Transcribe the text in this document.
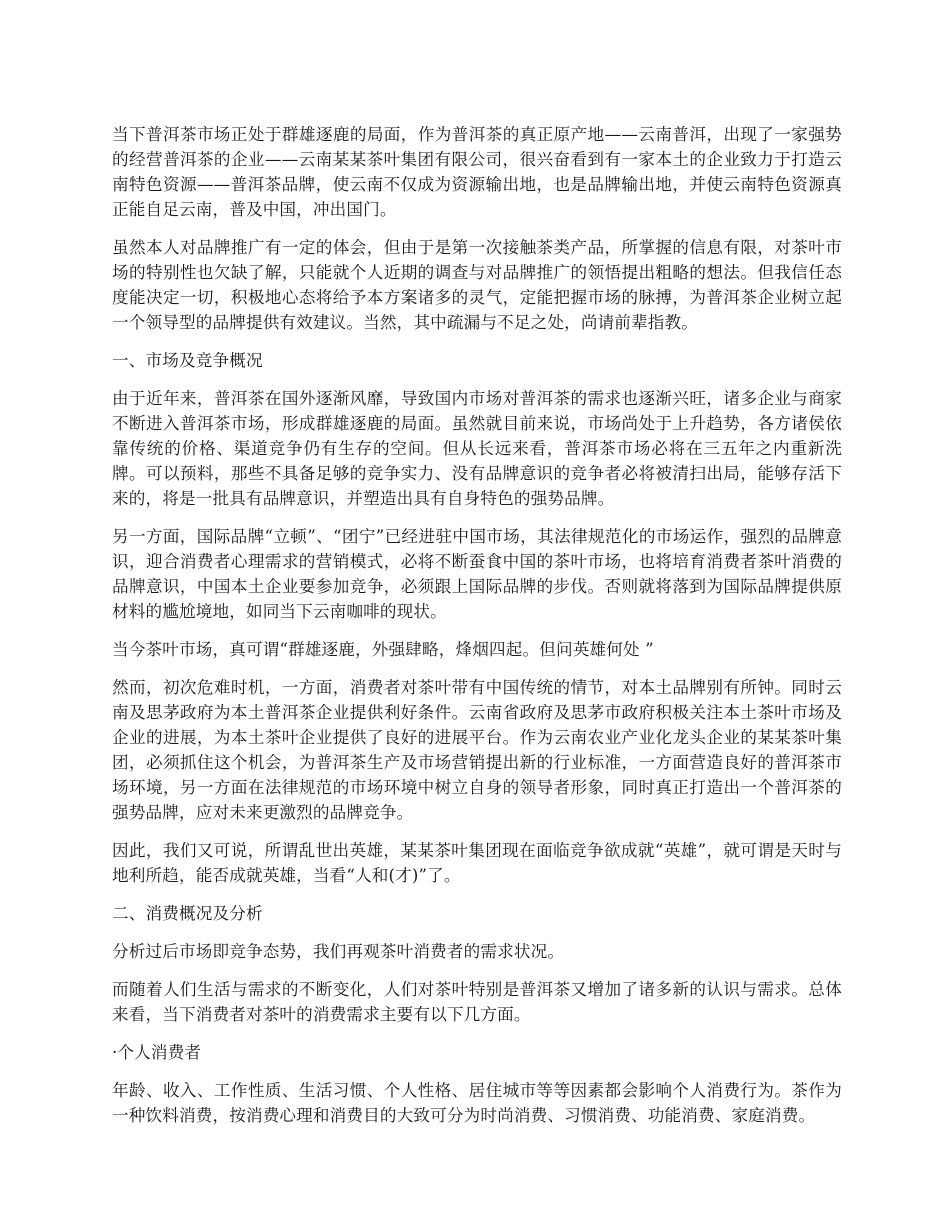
当下普洱茶市场正处于群雄逐鹿的局面，作为普洱茶的真正原产地——云南普洱，出现了一家强势的经营普洱茶的企业——云南某某茶叶集团有限公司，很兴奋看到有一家本土的企业致力于打造云南特色资源——普洱茶品牌，使云南不仅成为资源输出地，也是品牌输出地，并使云南特色资源真正能自足云南，普及中国，冲出国门。

虽然本人对品牌推广有一定的体会，但由于是第一次接触茶类产品，所掌握的信息有限，对茶叶市场的特别性也欠缺了解，只能就个人近期的调查与对品牌推广的领悟提出粗略的想法。但我信任态度能决定一切，积极地心态将给予本方案诸多的灵气，定能把握市场的脉搏，为普洱茶企业树立起一个领导型的品牌提供有效建议。当然，其中疏漏与不足之处，尚请前辈指教。

一、市场及竞争概况

由于近年来，普洱茶在国外逐渐风靡，导致国内市场对普洱茶的需求也逐渐兴旺，诸多企业与商家不断进入普洱茶市场，形成群雄逐鹿的局面。虽然就目前来说，市场尚处于上升趋势，各方诸侯依靠传统的价格、渠道竞争仍有生存的空间。但从长远来看，普洱茶市场必将在三五年之内重新洗牌。可以预料，那些不具备足够的竞争实力、没有品牌意识的竞争者必将被清扫出局，能够存活下来的，将是一批具有品牌意识，并塑造出具有自身特色的强势品牌。

另一方面，国际品牌“立顿”、“团宁”已经进驻中国市场，其法律规范化的市场运作，强烈的品牌意识，迎合消费者心理需求的营销模式，必将不断蚕食中国的茶叶市场，也将培育消费者茶叶消费的品牌意识，中国本土企业要参加竞争，必须跟上国际品牌的步伐。否则就将落到为国际品牌提供原材料的尴尬境地，如同当下云南咖啡的现状。

当今茶叶市场，真可谓“群雄逐鹿，外强肆略，烽烟四起。但问英雄何处 ”

然而，初次危难时机，一方面，消费者对茶叶带有中国传统的情节，对本土品牌别有所钟。同时云南及思茅政府为本土普洱茶企业提供利好条件。云南省政府及思茅市政府积极关注本土茶叶市场及企业的进展，为本土茶叶企业提供了良好的进展平台。作为云南农业产业化龙头企业的某某茶叶集团，必须抓住这个机会，为普洱茶生产及市场营销提出新的行业标准，一方面营造良好的普洱茶市场环境，另一方面在法律规范的市场环境中树立自身的领导者形象，同时真正打造出一个普洱茶的强势品牌，应对未来更激烈的品牌竞争。

因此，我们又可说，所谓乱世出英雄，某某茶叶集团现在面临竞争欲成就“英雄”，就可谓是天时与地利所趋，能否成就英雄，当看“人和(才)”了。

二、消费概况及分析

分析过后市场即竞争态势，我们再观茶叶消费者的需求状况。

而随着人们生活与需求的不断变化，人们对茶叶特别是普洱茶又增加了诸多新的认识与需求。总体来看，当下消费者对茶叶的消费需求主要有以下几方面。

·个人消费者

年龄、收入、工作性质、生活习惯、个人性格、居住城市等等因素都会影响个人消费行为。茶作为一种饮料消费，按消费心理和消费目的大致可分为时尚消费、习惯消费、功能消费、家庭消费。
